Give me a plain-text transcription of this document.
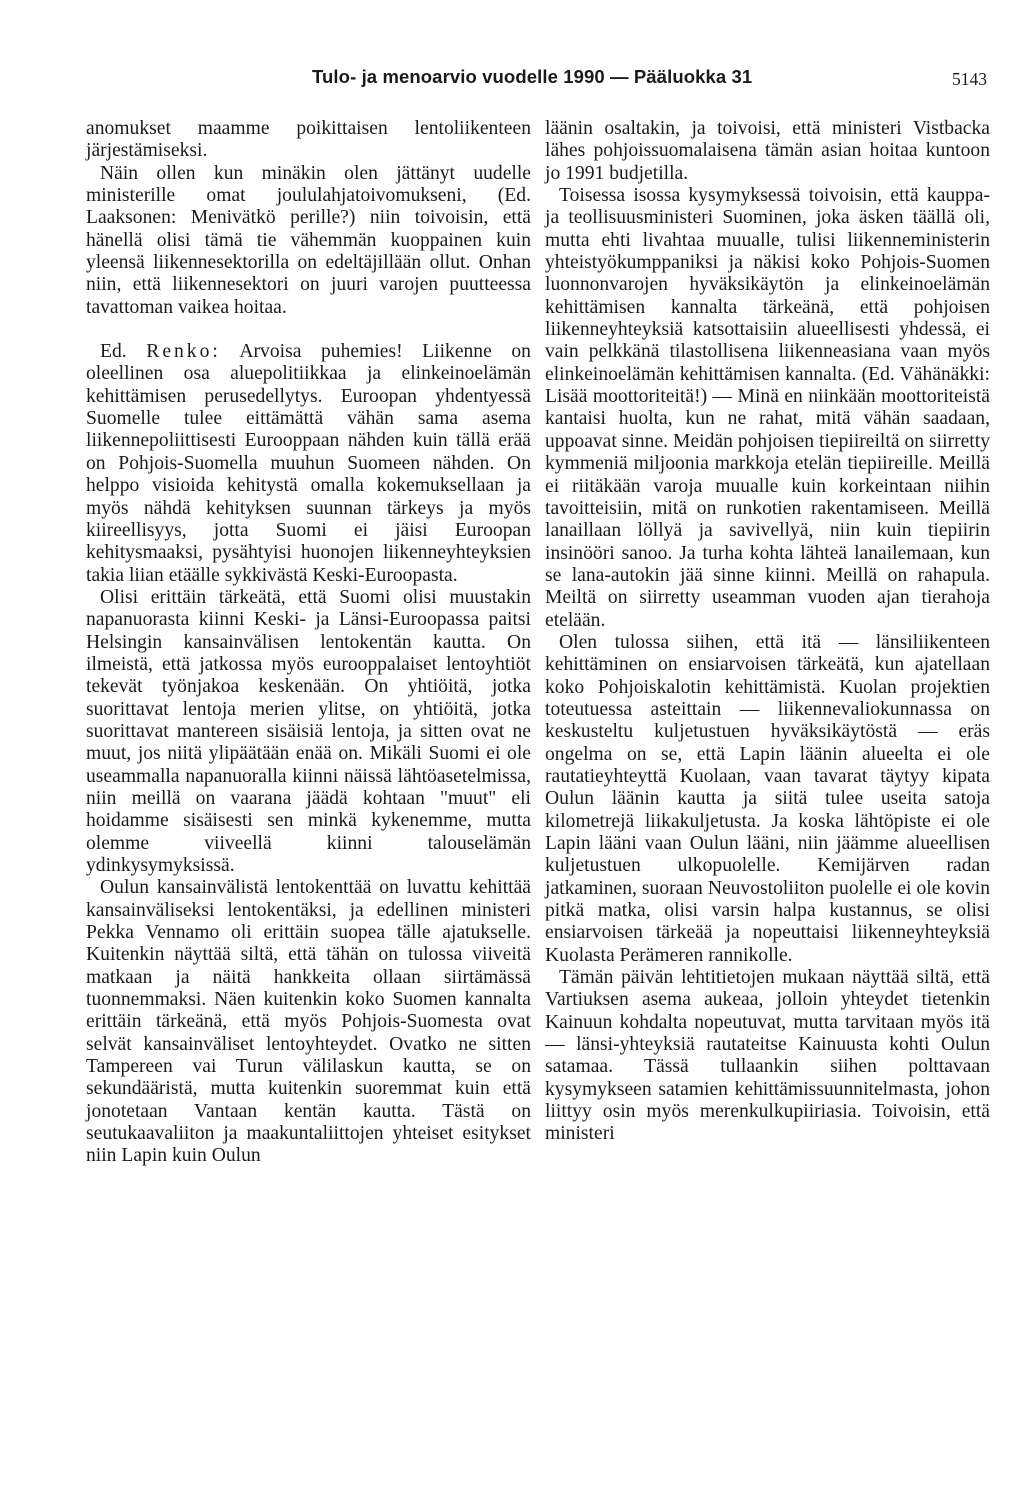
Tulo- ja menoarvio vuodelle 1990 — Pääluokka 31	5143

anomukset maamme poikittaisen lentoliikenteen järjestämiseksi.

Näin ollen kun minäkin olen jättänyt uudelle ministerille omat joululahjatoivomukseni, (Ed. Laaksonen: Menivätkö perille?) niin toivoisin, että hänellä olisi tämä tie vähemmän kuoppainen kuin yleensä liikennesektorilla on edeltäjillään ollut. Onhan niin, että liikennesektori on juuri varojen puutteessa tavattoman vaikea hoitaa.

Ed. Renko: Arvoisa puhemies! Liikenne on oleellinen osa aluepolitiikkaa ja elinkeinoelämän kehittämisen perusedellytys. Euroopan yhdentyessä Suomelle tulee eittämättä vähän sama asema liikennepoliittisesti Eurooppaan nähden kuin tällä erää on Pohjois-Suomella muuhun Suomeen nähden. On helppo visioida kehitystä omalla kokemuksellaan ja myös nähdä kehityksen suunnan tärkeys ja myös kiireellisyys, jotta Suomi ei jäisi Euroopan kehitysmaaksi, pysähtyisi huonojen liikenneyhteyksien takia liian etäälle sykkivästä Keski-Euroopasta.

Olisi erittäin tärkeätä, että Suomi olisi muustakin napanuorasta kiinni Keski- ja Länsi-Euroopassa paitsi Helsingin kansainvälisen lentokentän kautta. On ilmeistä, että jatkossa myös eurooppalaiset lentoyhtiöt tekevät työnjakoa keskenään. On yhtiöitä, jotka suorittavat lentoja merien ylitse, on yhtiöitä, jotka suorittavat mantereen sisäisiä lentoja, ja sitten ovat ne muut, jos niitä ylipäätään enää on. Mikäli Suomi ei ole useammalla napanuoralla kiinni näissä lähtöasetelmissa, niin meillä on vaarana jäädä kohtaan "muut" eli hoidamme sisäisesti sen minkä kykenemme, mutta olemme viiveellä kiinni talouselämän ydinkysymyksissä.

Oulun kansainvälistä lentokenttää on luvattu kehittää kansainväliseksi lentokentäksi, ja edellinen ministeri Pekka Vennamo oli erittäin suopea tälle ajatukselle. Kuitenkin näyttää siltä, että tähän on tulossa viiveitä matkaan ja näitä hankkeita ollaan siirtämässä tuonnemmaksi. Näen kuitenkin koko Suomen kannalta erittäin tärkeänä, että myös Pohjois-Suomesta ovat selvät kansainväliset lentoyhteydet. Ovatko ne sitten Tampereen vai Turun välilaskun kautta, se on sekundääristä, mutta kuitenkin suoremmat kuin että jonotetaan Vantaan kentän kautta. Tästä on seutukaavaliiton ja maakuntaliittojen yhteiset esitykset niin Lapin kuin Oulun

läänin osaltakin, ja toivoisi, että ministeri Vistbacka lähes pohjoissuomalaisena tämän asian hoitaa kuntoon jo 1991 budjetilla.

Toisessa isossa kysymyksessä toivoisin, että kauppa- ja teollisuusministeri Suominen, joka äsken täällä oli, mutta ehti livahtaa muualle, tulisi liikenneministerin yhteistyökumppaniksi ja näkisi koko Pohjois-Suomen luonnonvarojen hyväksikäytön ja elinkeinoelämän kehittämisen kannalta tärkeänä, että pohjoisen liikenneyhteyksiä katsottaisiin alueellisesti yhdessä, ei vain pelkkänä tilastollisena liikenneasiana vaan myös elinkeinoelämän kehittämisen kannalta. (Ed. Vähänäkki: Lisää moottoriteitä!) — Minä en niinkään moottoriteistä kantaisi huolta, kun ne rahat, mitä vähän saadaan, uppoavat sinne. Meidän pohjoisen tiepiireiltä on siirretty kymmeniä miljoonia markkoja etelän tiepiireille. Meillä ei riitäkään varoja muualle kuin korkeintaan niihin tavoitteisiin, mitä on runkotien rakentamiseen. Meillä lanaillaan löllyä ja savivellyä, niin kuin tiepiirin insinööri sanoo. Ja turha kohta lähteä lanailemaan, kun se lana-autokin jää sinne kiinni. Meillä on rahapula. Meiltä on siirretty useamman vuoden ajan tierahoja etelään.

Olen tulossa siihen, että itä — länsiliikenteen kehittäminen on ensiarvoisen tärkeätä, kun ajatellaan koko Pohjoiskalotin kehittämistä. Kuolan projektien toteutuessa asteittain — liikennevaliokunnassa on keskusteltu kuljetustuen hyväksikäytöstä — eräs ongelma on se, että Lapin läänin alueelta ei ole rautatieyhteyttä Kuolaan, vaan tavarat täytyy kipata Oulun läänin kautta ja siitä tulee useita satoja kilometrejä liikakuljetusta. Ja koska lähtöpiste ei ole Lapin lääni vaan Oulun lääni, niin jäämme alueellisen kuljetustuen ulkopuolelle. Kemijärven radan jatkaminen, suoraan Neuvostoliiton puolelle ei ole kovin pitkä matka, olisi varsin halpa kustannus, se olisi ensiarvoisen tärkeää ja nopeuttaisi liikenneyhteyksiä Kuolasta Perämeren rannikolle.

Tämän päivän lehtitietojen mukaan näyttää siltä, että Vartiuksen asema aukeaa, jolloin yhteydet tietenkin Kainuun kohdalta nopeutuvat, mutta tarvitaan myös itä — länsi-yhteyksiä rautateitse Kainuusta kohti Oulun satamaa. Tässä tullaankin siihen polttavaan kysymykseen satamien kehittämissuunnitelmasta, johon liittyy osin myös merenkulkupiiriasia. Toivoisin, että ministeri
